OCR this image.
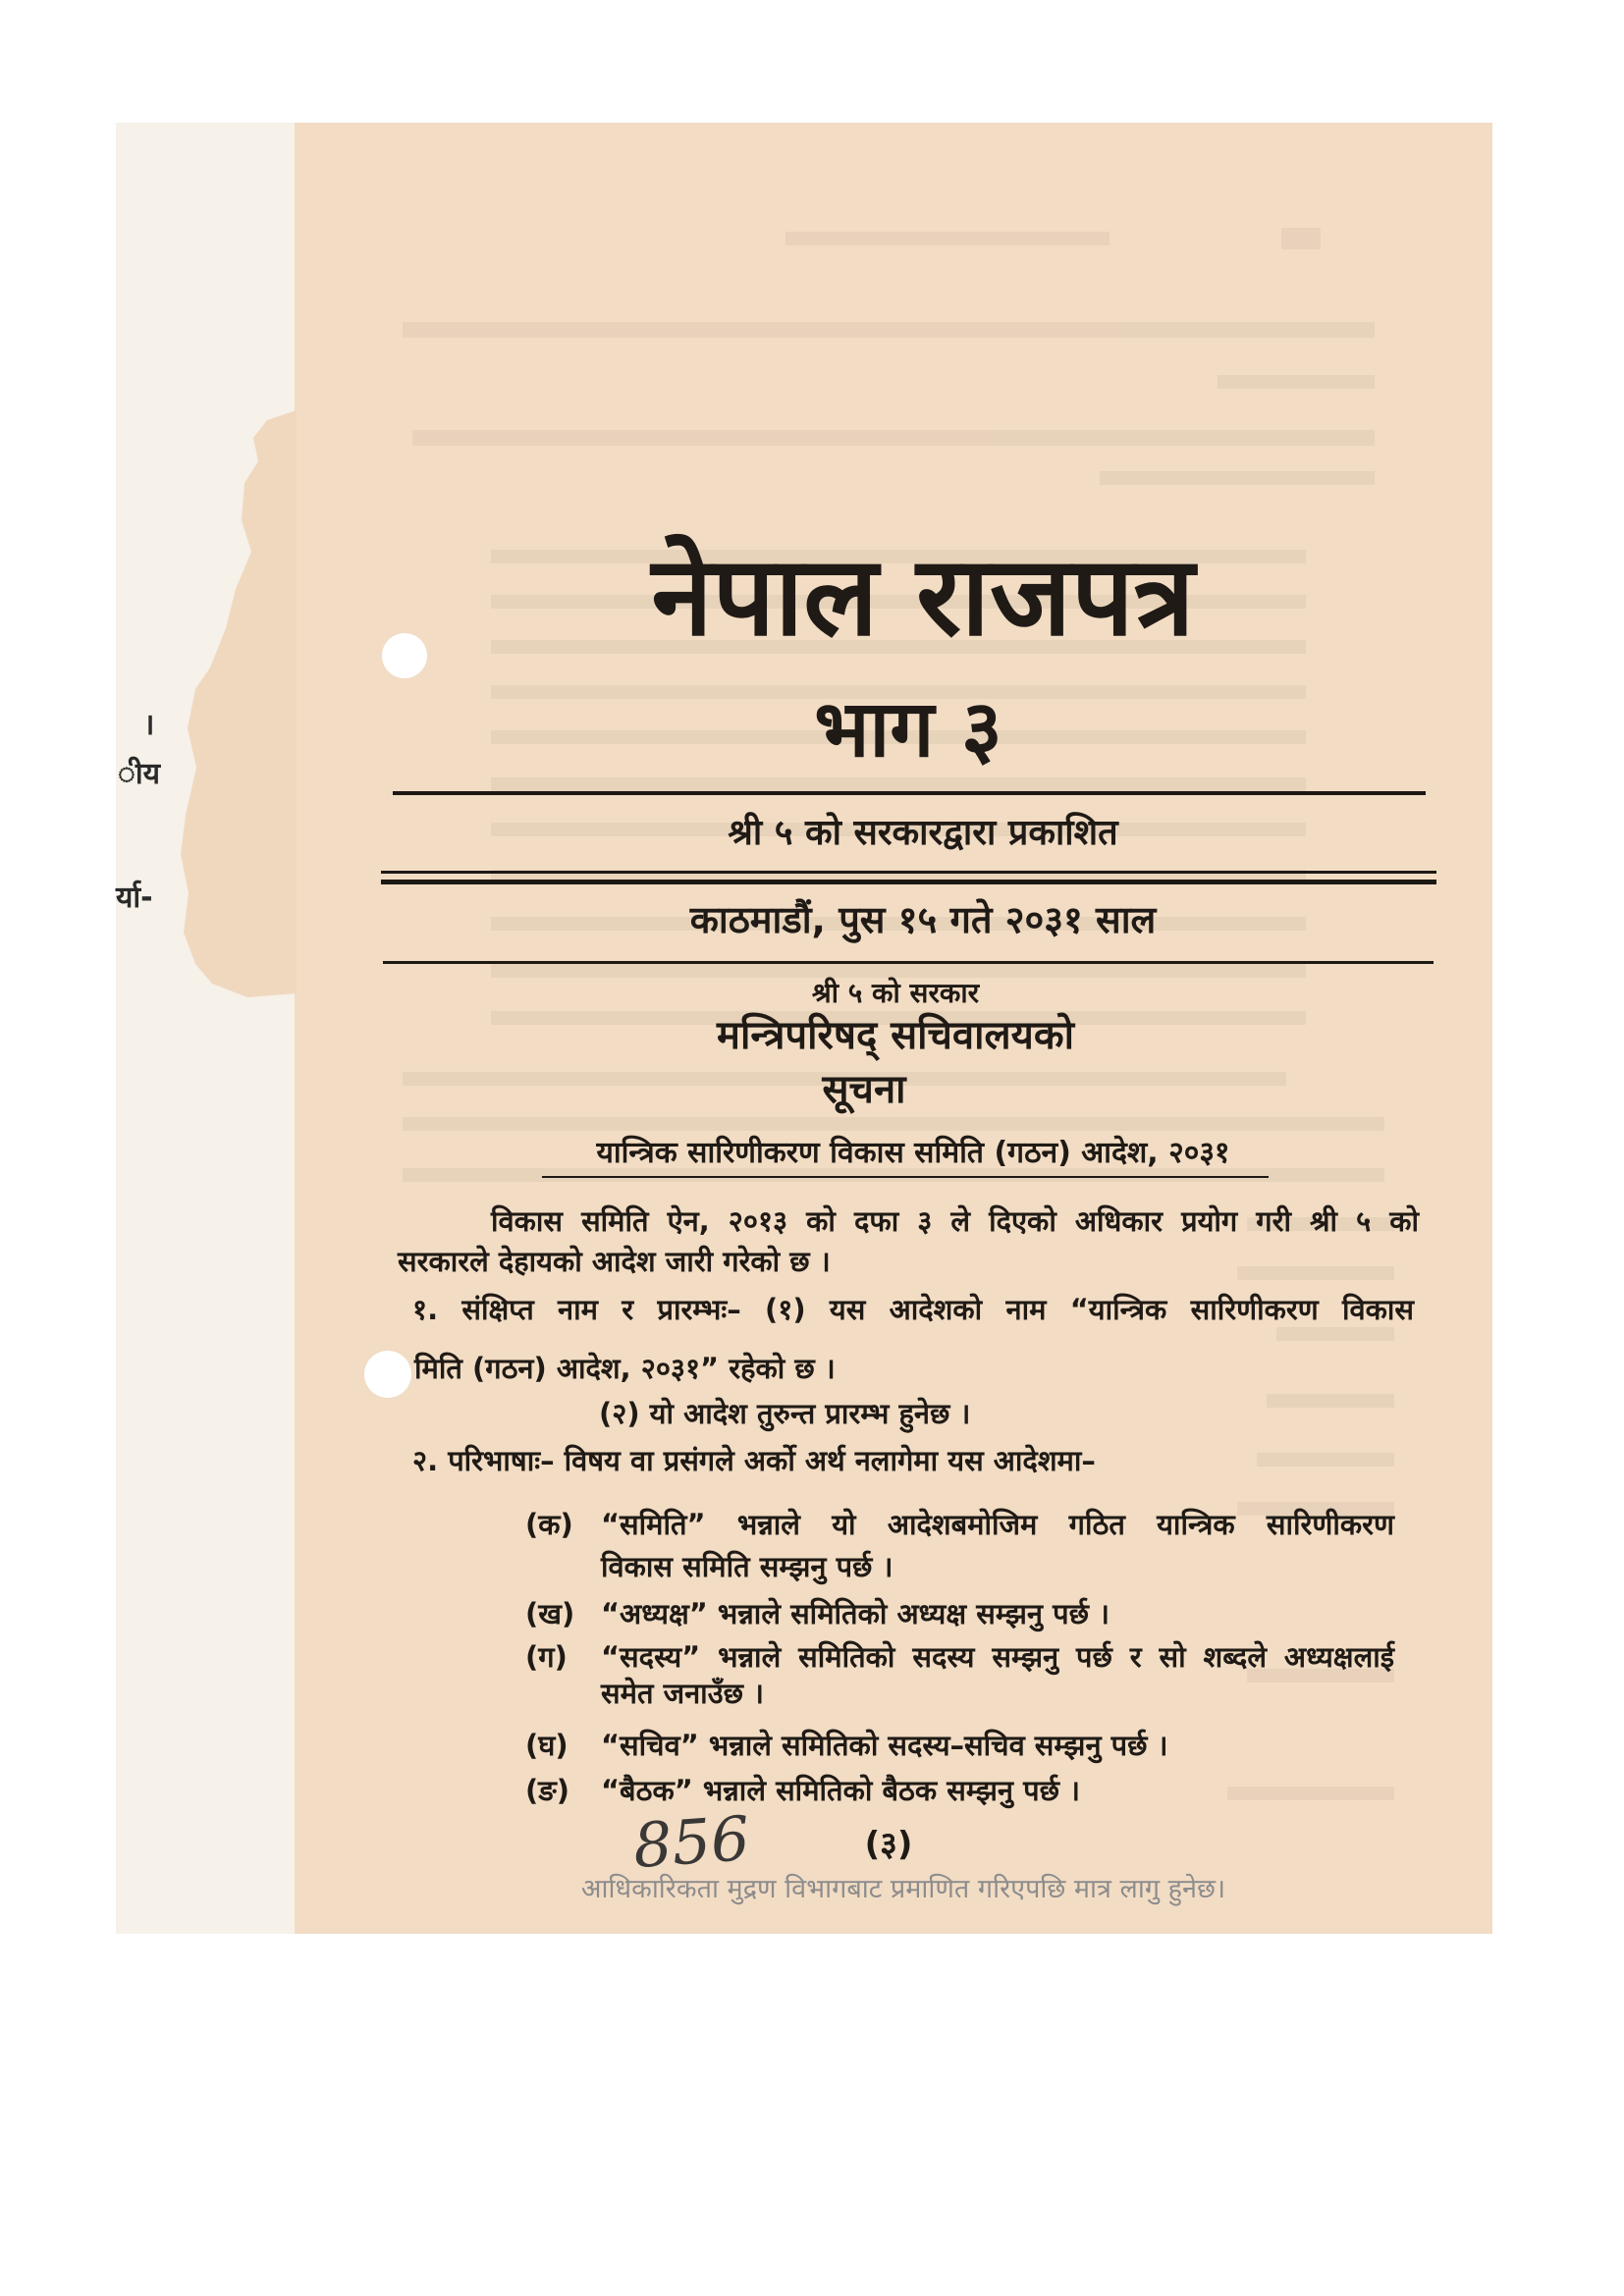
।
ीय
र्या-
नेपाल राजपत्र
भाग ३
श्री ५ को सरकारद्वारा प्रकाशित
काठमाडौं, पुस १५ गते २०३१ साल
श्री ५ को सरकार
मन्त्रिपरिषद् सचिवालयको
सूचना
यान्त्रिक सारिणीकरण विकास समिति (गठन) आदेश, २०३१
विकास समिति ऐन, २०१३ को दफा ३ ले दिएको अधिकार प्रयोग गरी श्री ५ को
सरकारले देहायको आदेश जारी गरेको छ ।
१. संक्षिप्त नाम र प्रारम्भः– (१) यस आदेशको नाम “यान्त्रिक सारिणीकरण विकास
मिति (गठन) आदेश, २०३१” रहेको छ ।
(२) यो आदेश तुरुन्त प्रारम्भ हुनेछ ।
२. परिभाषाः– विषय वा प्रसंगले अर्को अर्थ नलागेमा यस आदेशमा–
(क) “समिति” भन्नाले यो आदेशबमोजिम गठित यान्त्रिक सारिणीकरण
विकास समिति सम्झनु पर्छ ।
(ख) “अध्यक्ष” भन्नाले समितिको अध्यक्ष सम्झनु पर्छ ।
(ग) “सदस्य” भन्नाले समितिको सदस्य सम्झनु पर्छ र सो शब्दले अध्यक्षलाई
समेत जनाउँछ ।
(घ) “सचिव” भन्नाले समितिको सदस्य–सचिव सम्झनु पर्छ ।
(ङ) “बैठक” भन्नाले समितिको बैठक सम्झनु पर्छ ।
856	(३)
आधिकारिकता मुद्रण विभागबाट प्रमाणित गरिएपछि मात्र लागु हुनेछ।
